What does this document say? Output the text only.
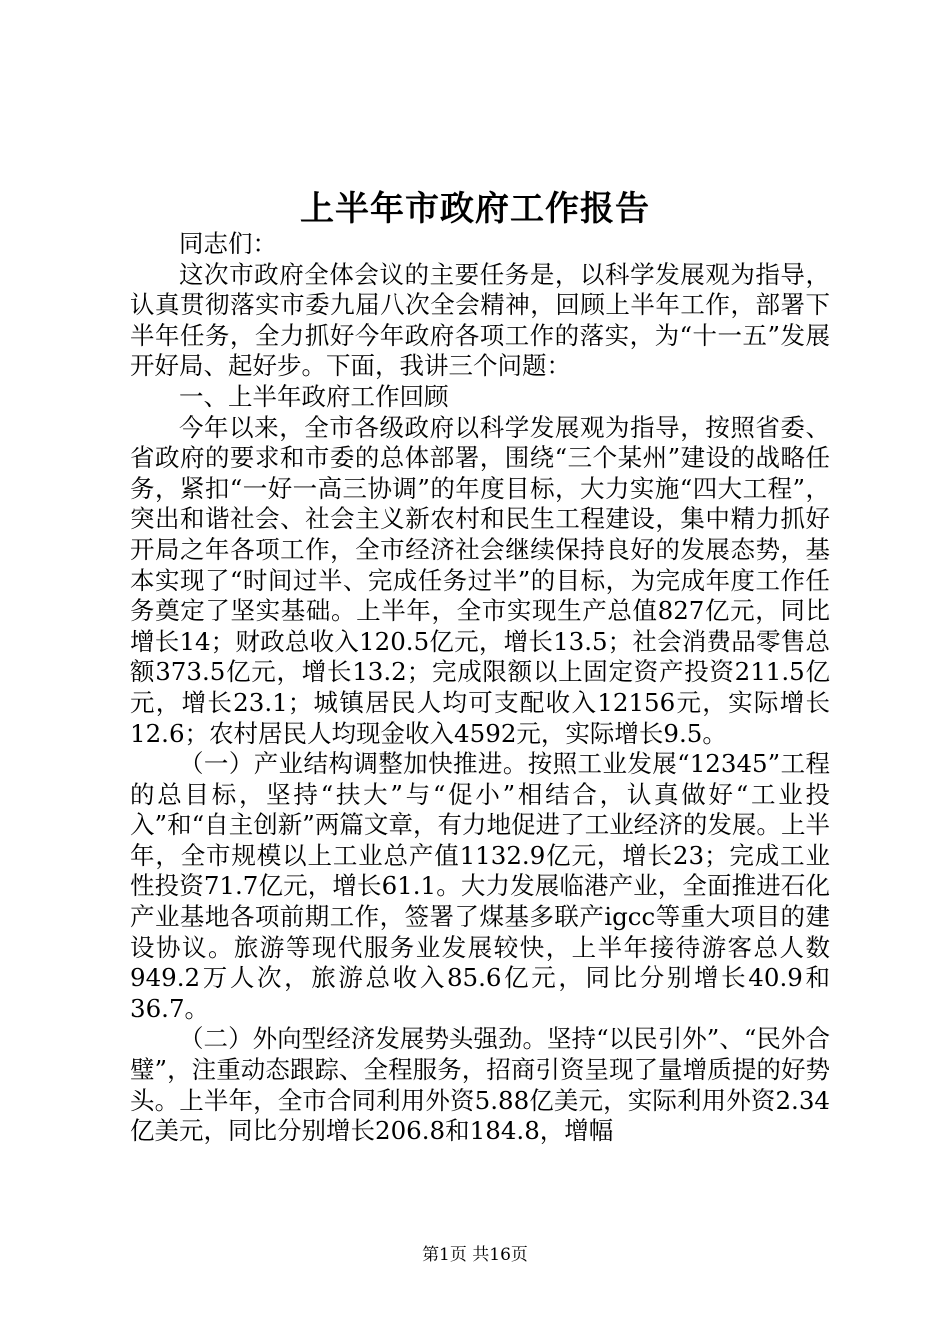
上半年市政府工作报告

同志们：

这次市政府全体会议的主要任务是，以科学发展观为指导，认真贯彻落实市委九届八次全会精神，回顾上半年工作，部署下半年任务，全力抓好今年政府各项工作的落实，为“十一五”发展开好局、起好步。下面，我讲三个问题：

一、上半年政府工作回顾

今年以来，全市各级政府以科学发展观为指导，按照省委、省政府的要求和市委的总体部署，围绕“三个某州”建设的战略任务，紧扣“一好一高三协调”的年度目标，大力实施“四大工程”，突出和谐社会、社会主义新农村和民生工程建设，集中精力抓好开局之年各项工作，全市经济社会继续保持良好的发展态势，基本实现了“时间过半、完成任务过半”的目标，为完成年度工作任务奠定了坚实基础。上半年，全市实现生产总值827亿元，同比增长14；财政总收入120.5亿元，增长13.5；社会消费品零售总额373.5亿元，增长13.2；完成限额以上固定资产投资211.5亿元，增长23.1；城镇居民人均可支配收入12156元，实际增长12.6；农村居民人均现金收入4592元，实际增长9.5。

（一）产业结构调整加快推进。按照工业发展“12345”工程的总目标，坚持“扶大”与“促小”相结合，认真做好“工业投入”和“自主创新”两篇文章，有力地促进了工业经济的发展。上半年，全市规模以上工业总产值1132.9亿元，增长23；完成工业性投资71.7亿元，增长61.1。大力发展临港产业，全面推进石化产业基地各项前期工作，签署了煤基多联产igcc等重大项目的建设协议。旅游等现代服务业发展较快，上半年接待游客总人数949.2万人次，旅游总收入85.6亿元，同比分别增长40.9和36.7。

（二）外向型经济发展势头强劲。坚持“以民引外”、“民外合璧”，注重动态跟踪、全程服务，招商引资呈现了量增质提的好势头。上半年，全市合同利用外资5.88亿美元，实际利用外资2.34亿美元，同比分别增长206.8和184.8，增幅

第1页 共16页
